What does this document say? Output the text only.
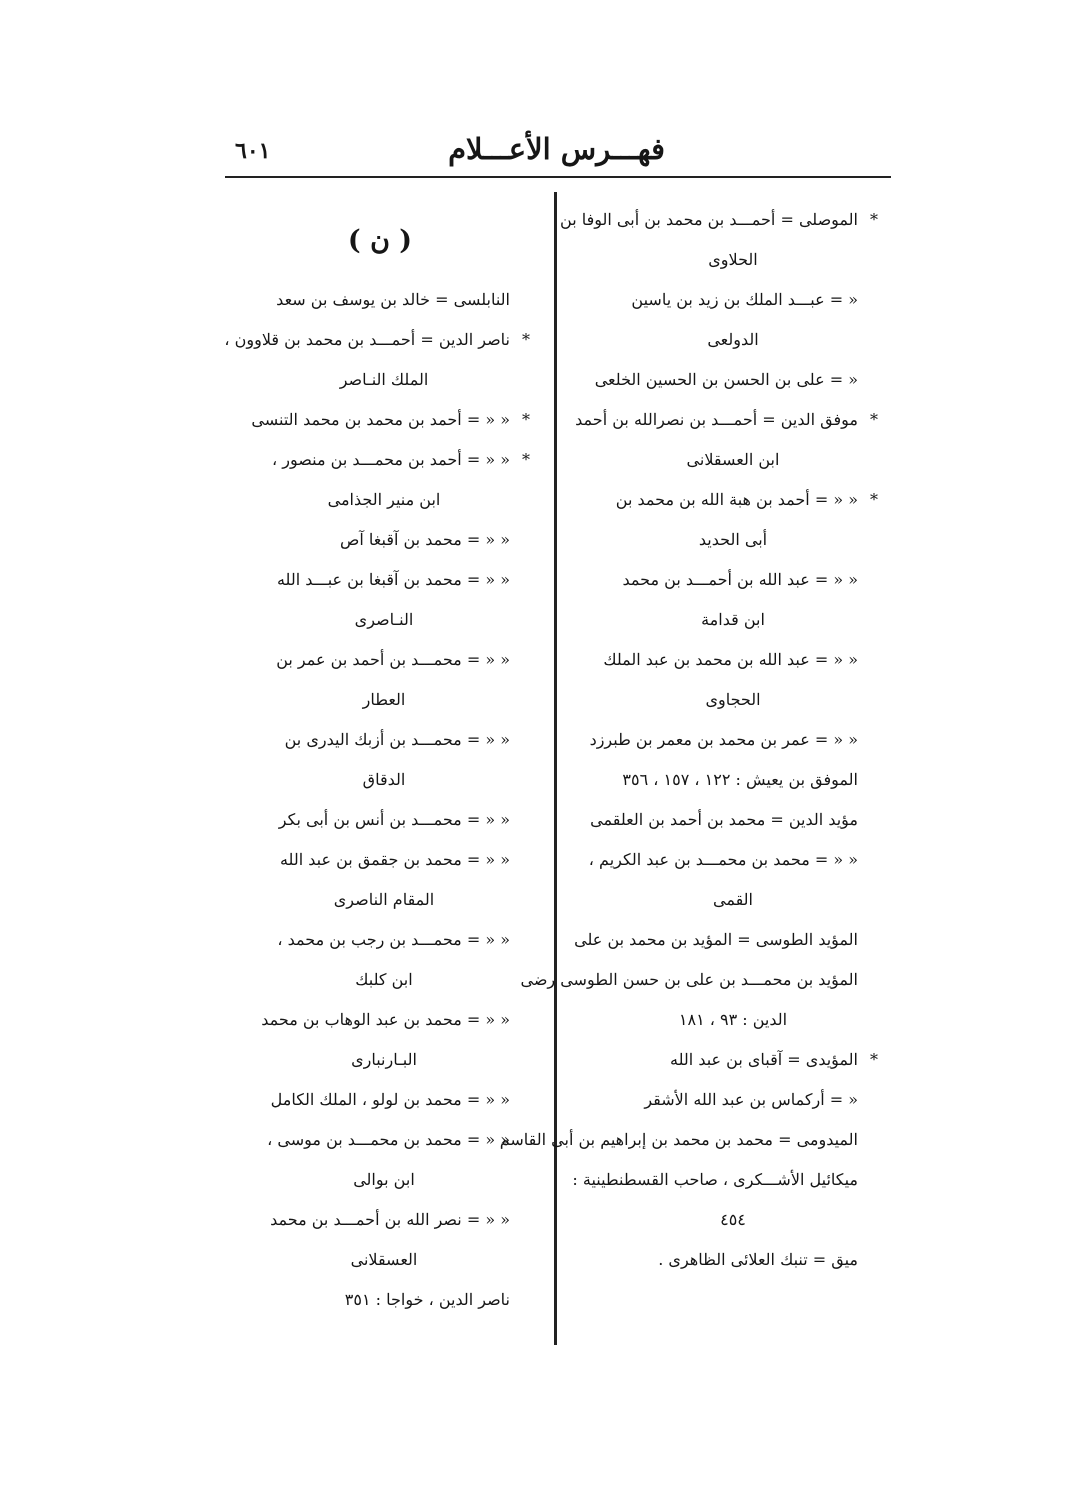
فهـــرس الأعـــلام
٦٠١
*
الموصلى = أحمـــد بن محمد بن أبى الوفا بن
الحلاوى
« = عبـــد الملك بن زيد بن ياسين
الدولعى
« = على بن الحسن بن الحسين الخلعى
*
موفق الدين = أحمـــد بن نصرالله بن أحمد
ابن العسقلانى
*
« « = أحمد بن هبة الله بن محمد بن
أبى الحديد
« « = عبد الله بن أحمـــد بن محمد
ابن قدامة
« « = عبد الله بن محمد بن عبد الملك
الحجاوى
« « = عمر بن محمد بن معمر بن طبرزد
الموفق بن يعيش : ١٢٢ ، ١٥٧ ، ٣٥٦
مؤيد الدين = محمد بن أحمد بن العلقمى
« « = محمد بن محمـــد بن عبد الكريم ،
القمى
المؤيد الطوسى = المؤيد بن محمد بن على
المؤيد بن محمـــد بن على بن حسن الطوسى رضى
الدين : ٩٣ ، ١٨١
*
المؤيدى = آقباى بن عبد الله
« = أركماس بن عبد الله الأشقر
الميدومى = محمد بن محمد بن إبراهيم بن أبى القاسم
ميكائيل الأشـــكرى ، صاحب القسطنطينية :
٤٥٤
ميق = تنبك العلائى الظاهرى .
( ن )
النابلسى = خالد بن يوسف بن سعد
*
ناصر الدين = أحمـــد بن محمد بن قلاوون ،
الملك النـاصر
*
« « = أحمد بن محمد بن محمد التنسى
*
« « = أحمد بن محمـــد بن منصور ،
ابن منير الجذامى
« « = محمد بن آقبغا آص
« « = محمد بن آقبغا بن عبـــد الله
النـاصرى
« « = محمـــد بن أحمد بن عمر بن
العطار
« « = محمـــد بن أزبك اليدرى بن
الدقاق
« « = محمـــد بن أنس بن أبى بكر
« « = محمد بن جقمق بن عبد الله
المقام الناصرى
« « = محمـــد بن رجب بن محمد ،
ابن كلبك
« « = محمد بن عبد الوهاب بن محمد
البـارنبارى
« « = محمد بن لولو ، الملك الكامل
« « = محمد بن محمـــد بن موسى ،
ابن بوالى
« « = نصر الله بن أحمـــد بن محمد
العسقلانى
ناصر الدين ، خواجا : ٣٥١
